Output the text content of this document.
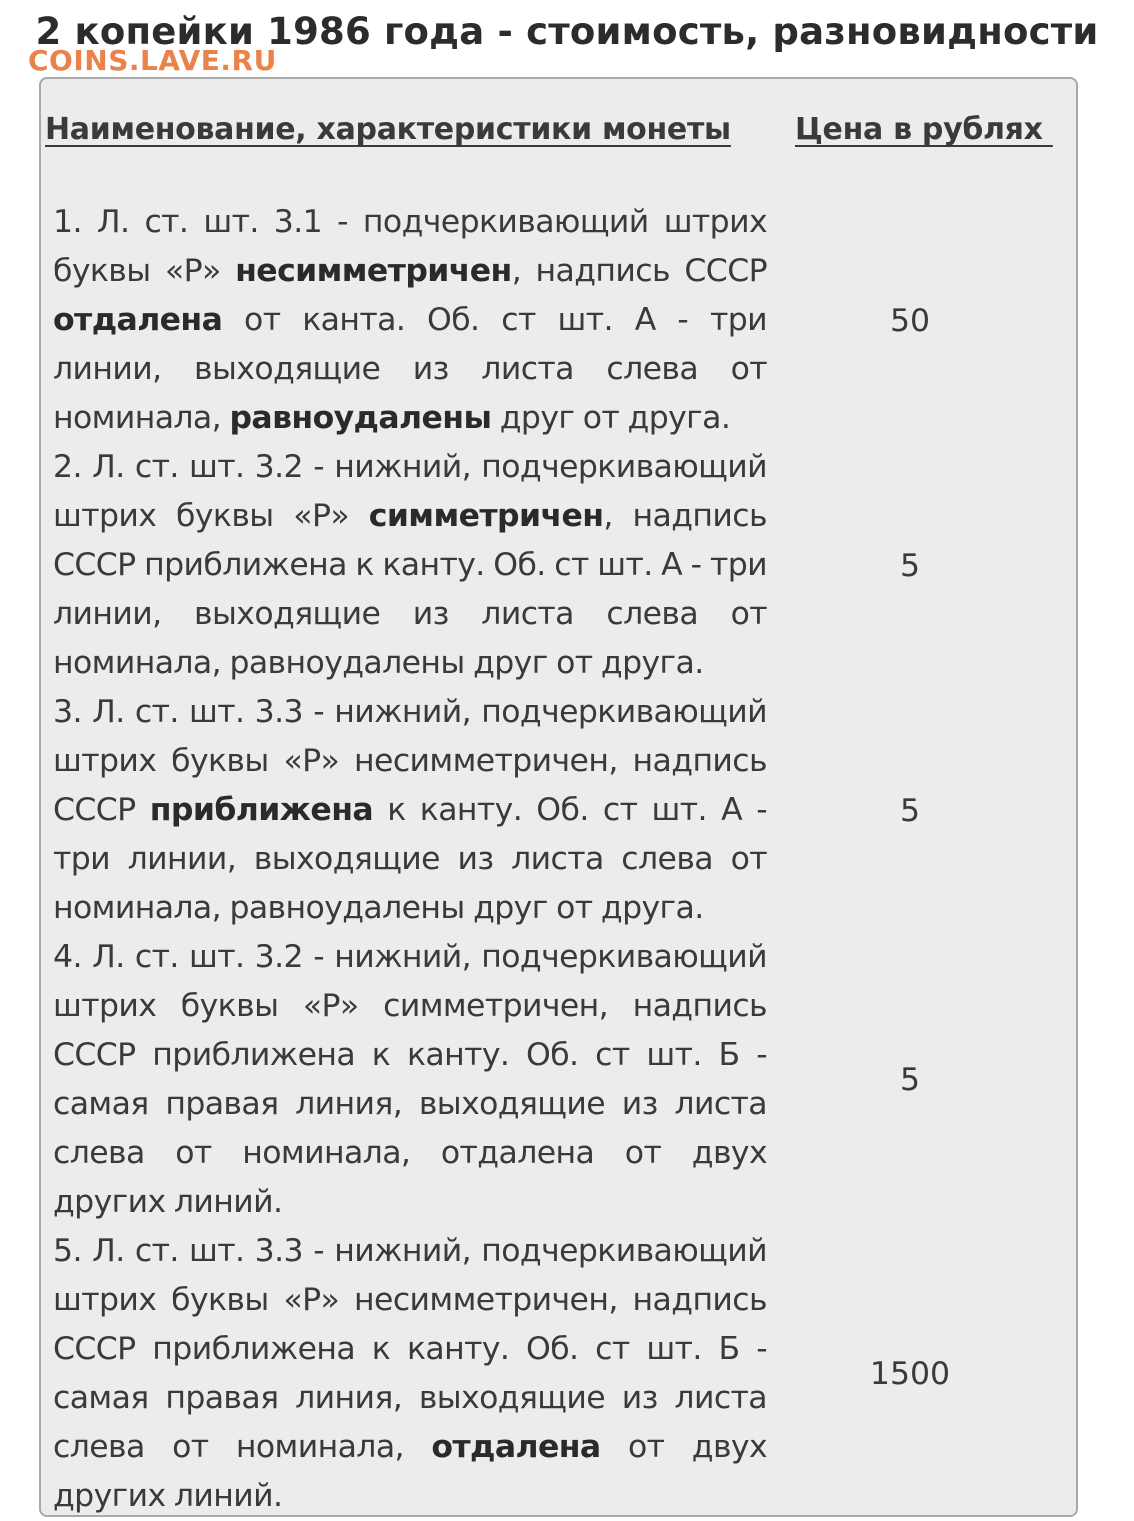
2 копейки 1986 года - стоимость, разновидности
COINS.LAVE.RU
Наименование, характеристики монеты Цена в рублях
1. Л. ст. шт. 3.1 - подчеркивающий штрих буквы «Р» несимметричен, надпись СССР отдалена от канта. Об. ст шт. А - три линии, выходящие из листа слева от номинала, равноудалены друг от друга.
50
2. Л. ст. шт. 3.2 - нижний, подчеркивающий штрих буквы «Р» симметричен, надпись СССР приближена к канту. Об. ст шт. А - три линии, выходящие из листа слева от номинала, равноудалены друг от друга.
5
3. Л. ст. шт. 3.3 - нижний, подчеркивающий штрих буквы «Р» несимметричен, надпись СССР приближена к канту. Об. ст шт. А - три линии, выходящие из листа слева от номинала, равноудалены друг от друга.
5
4. Л. ст. шт. 3.2 - нижний, подчеркивающий штрих буквы «Р» симметричен, надпись СССР приближена к канту. Об. ст шт. Б - самая правая линия, выходящие из листа слева от номинала, отдалена от двух других линий.
5
5. Л. ст. шт. 3.3 - нижний, подчеркивающий штрих буквы «Р» несимметричен, надпись СССР приближена к канту. Об. ст шт. Б - самая правая линия, выходящие из листа слева от номинала, отдалена от двух других линий.
1500
